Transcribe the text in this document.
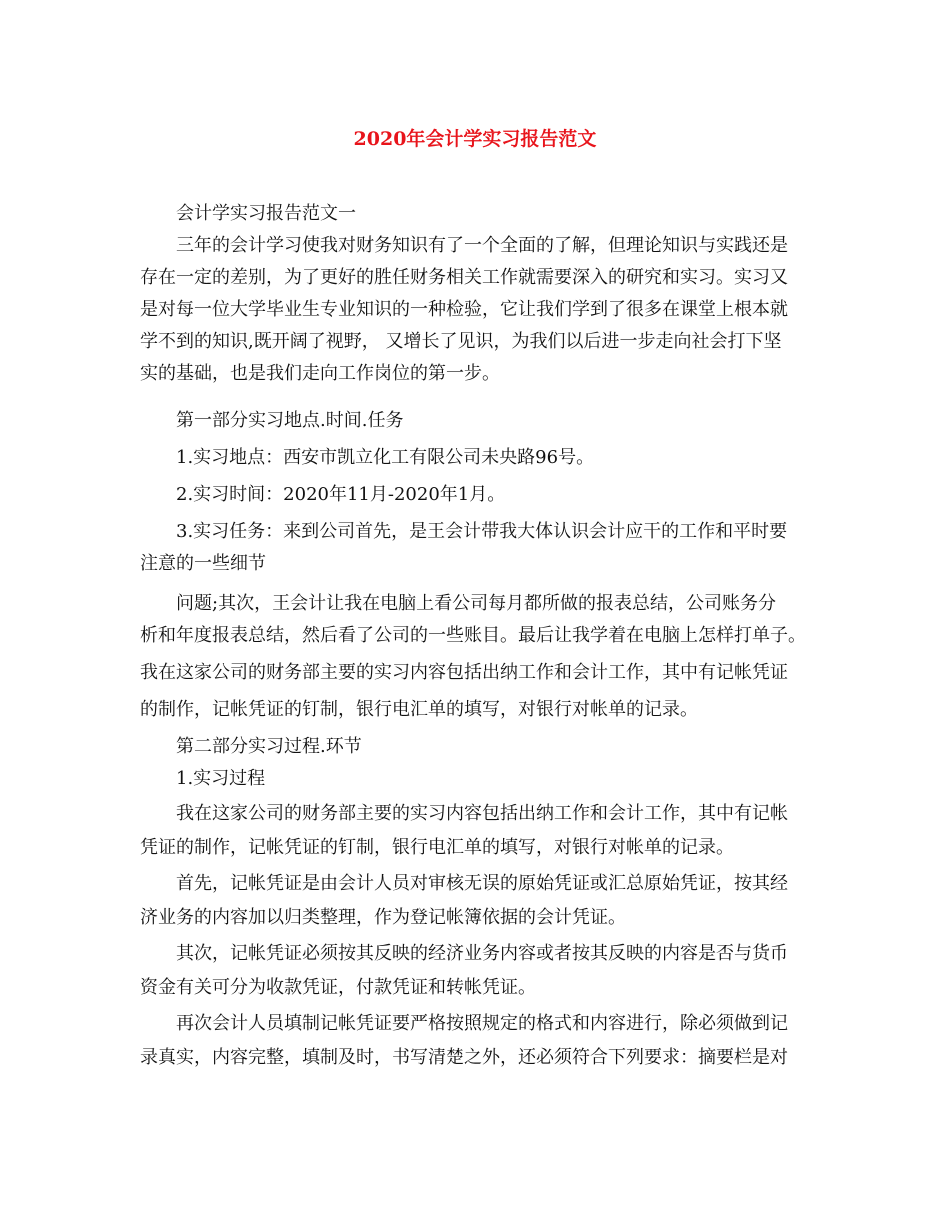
2020年会计学实习报告范文
会计学实习报告范文一
三年的会计学习使我对财务知识有了一个全面的了解，但理论知识与实践还是
存在一定的差别，为了更好的胜任财务相关工作就需要深入的研究和实习。实习又
是对每一位大学毕业生专业知识的一种检验，它让我们学到了很多在课堂上根本就
学不到的知识,既开阔了视野， 又增长了见识，为我们以后进一步走向社会打下坚
实的基础，也是我们走向工作岗位的第一步。
第一部分实习地点.时间.任务
1.实习地点：西安市凯立化工有限公司未央路96号。
2.实习时间：2020年11月-2020年1月。
3.实习任务：来到公司首先，是王会计带我大体认识会计应干的工作和平时要
注意的一些细节
问题;其次，王会计让我在电脑上看公司每月都所做的报表总结，公司账务分
析和年度报表总结，然后看了公司的一些账目。最后让我学着在电脑上怎样打单子。
我在这家公司的财务部主要的实习内容包括出纳工作和会计工作，其中有记帐凭证
的制作，记帐凭证的钉制，银行电汇单的填写，对银行对帐单的记录。
第二部分实习过程.环节
1.实习过程
我在这家公司的财务部主要的实习内容包括出纳工作和会计工作，其中有记帐
凭证的制作，记帐凭证的钉制，银行电汇单的填写，对银行对帐单的记录。
首先，记帐凭证是由会计人员对审核无误的原始凭证或汇总原始凭证，按其经
济业务的内容加以归类整理，作为登记帐簿依据的会计凭证。
其次，记帐凭证必须按其反映的经济业务内容或者按其反映的内容是否与货币
资金有关可分为收款凭证，付款凭证和转帐凭证。
再次会计人员填制记帐凭证要严格按照规定的格式和内容进行，除必须做到记
录真实，内容完整，填制及时，书写清楚之外，还必须符合下列要求：摘要栏是对
